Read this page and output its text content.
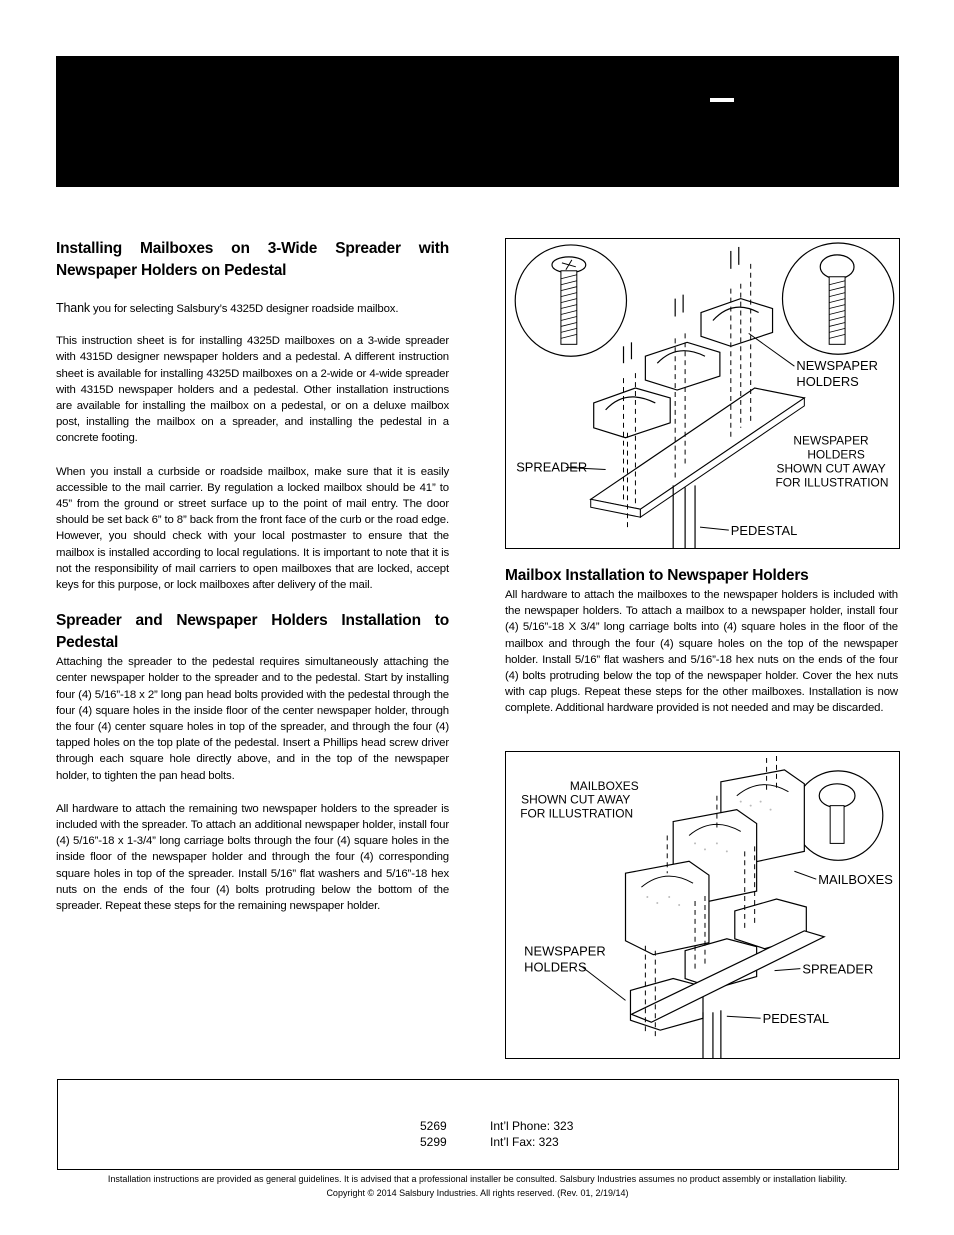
Installing Mailboxes on 3-Wide Spreader with Newspaper Holders on Pedestal

Thank you for selecting Salsbury’s 4325D designer roadside mailbox.

This instruction sheet is for installing 4325D mailboxes on a 3-wide spreader with 4315D designer newspaper holders and a pedestal. A different instruction sheet is available for installing 4325D mailboxes on a 2-wide or 4-wide spreader with 4315D newspaper holders and a pedestal. Other installation instructions are available for installing the mailbox on a pedestal, or on a deluxe mailbox post, installing the mailbox on a spreader, and installing the pedestal in a concrete footing.

When you install a curbside or roadside mailbox, make sure that it is easily accessible to the mail carrier. By regulation a locked mailbox should be 41” to 45” from the ground or street surface up to the point of mail entry. The door should be set back 6” to 8” back from the front face of the curb or the road edge. However, you should check with your local postmaster to ensure that the mailbox is installed according to local regulations. It is important to note that it is not the responsibility of mail carriers to open mailboxes that are locked, accept keys for this purpose, or lock mailboxes after delivery of the mail.

Spreader and Newspaper Holders Installation to Pedestal

Attaching the spreader to the pedestal requires simultaneously attaching the center newspaper holder to the spreader and to the pedestal. Start by installing four (4) 5/16”-18 x 2” long pan head bolts provided with the pedestal through the four (4) square holes in the inside floor of the center newspaper holder, through the four (4) center square holes in top of the spreader, and through the four (4) tapped holes on the top plate of the pedestal. Insert a Phillips head screw driver through each square hole directly above, and in the top of the newspaper holder, to tighten the pan head bolts.

All hardware to attach the remaining two newspaper holders to the spreader is included with the spreader. To attach an additional newspaper holder, install four (4) 5/16”-18 x 1-3/4” long carriage bolts through the four (4) square holes in the inside floor of the newspaper holder and through the four (4) corresponding square holes in top of the spreader. Install 5/16” flat washers and 5/16”-18 hex nuts on the ends of the four (4) bolts protruding below the bottom of the spreader. Repeat these steps for the remaining newspaper holder.

NEWSPAPER
HOLDERS
NEWSPAPER
HOLDERS
SHOWN CUT AWAY
FOR ILLUSTRATION
SPREADER
PEDESTAL
Mailbox Installation to Newspaper Holders

All hardware to attach the mailboxes to the newspaper holders is included with the newspaper holders. To attach a mailbox to a newspaper holder, install four (4) 5/16”-18 X 3/4” long carriage bolts into (4) square holes in the floor of the mailbox and through the four (4) square holes on the top of the newspaper holder. Install 5/16” flat washers and 5/16”-18 hex nuts on the ends of the four (4) bolts protruding below the top of the newspaper holder. Cover the hex nuts with cap plugs. Repeat these steps for the other mailboxes. Installation is now complete. Additional hardware provided is not needed and may be discarded.

MAILBOXES
SHOWN CUT AWAY
FOR ILLUSTRATION
MAILBOXES
NEWSPAPER
HOLDERS	SPREADER
PEDESTAL
5269	Int’l Phone: 323
5299	Int’l Fax: 323
Installation instructions are provided as general guidelines. It is advised that a professional installer be consulted. Salsbury Industries assumes no product assembly or installation liability.
Copyright © 2014 Salsbury Industries. All rights reserved. (Rev. 01, 2/19/14)
